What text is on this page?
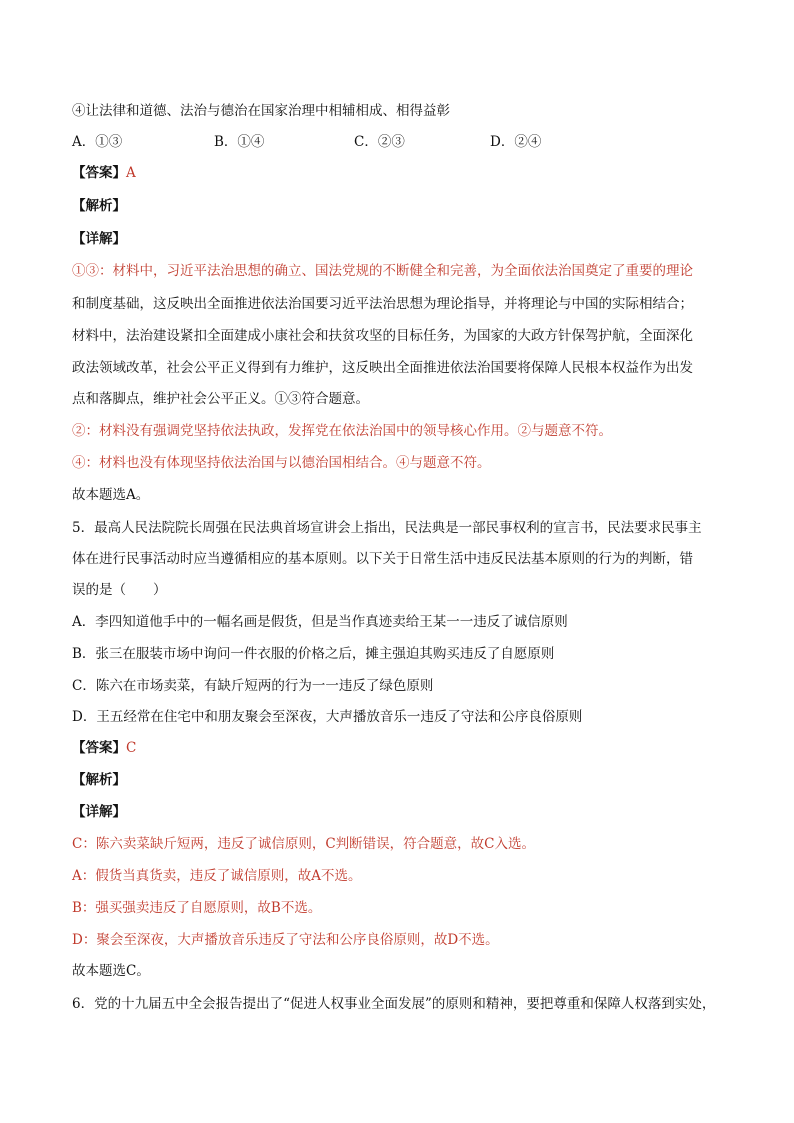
④让法律和道德、法治与德治在国家治理中相辅相成、相得益彰

A．①③	B．①④	C．②③	D．②④

【答案】A

【解析】

【详解】

①③：材料中，习近平法治思想的确立、国法党规的不断健全和完善，为全面依法治国奠定了重要的理论

和制度基础，这反映出全面推进依法治国要习近平法治思想为理论指导，并将理论与中国的实际相结合；

材料中，法治建设紧扣全面建成小康社会和扶贫攻坚的目标任务，为国家的大政方针保驾护航，全面深化

政法领域改革，社会公平正义得到有力维护，这反映出全面推进依法治国要将保障人民根本权益作为出发

点和落脚点，维护社会公平正义。①③符合题意。

②：材料没有强调党坚持依法执政，发挥党在依法治国中的领导核心作用。②与题意不符。

④：材料也没有体现坚持依法治国与以德治国相结合。④与题意不符。

故本题选A。

5．最高人民法院院长周强在民法典首场宣讲会上指出，民法典是一部民事权利的宣言书，民法要求民事主

体在进行民事活动时应当遵循相应的基本原则。以下关于日常生活中违反民法基本原则的行为的判断，错

误的是（　　）

A．李四知道他手中的一幅名画是假货，但是当作真迹卖给王某一一违反了诚信原则

B．张三在服装市场中询问一件衣服的价格之后，摊主强迫其购买违反了自愿原则

C．陈六在市场卖菜，有缺斤短两的行为一一违反了绿色原则

D．王五经常在住宅中和朋友聚会至深夜，大声播放音乐一违反了守法和公序良俗原则

【答案】C

【解析】

【详解】

C：陈六卖菜缺斤短两，违反了诚信原则，C判断错误，符合题意，故C入选。

A：假货当真货卖，违反了诚信原则，故A不选。

B：强买强卖违反了自愿原则，故B不选。

D：聚会至深夜，大声播放音乐违反了守法和公序良俗原则，故D不选。

故本题选C。

6．党的十九届五中全会报告提出了“促进人权事业全面发展”的原则和精神，要把尊重和保障人权落到实处，
